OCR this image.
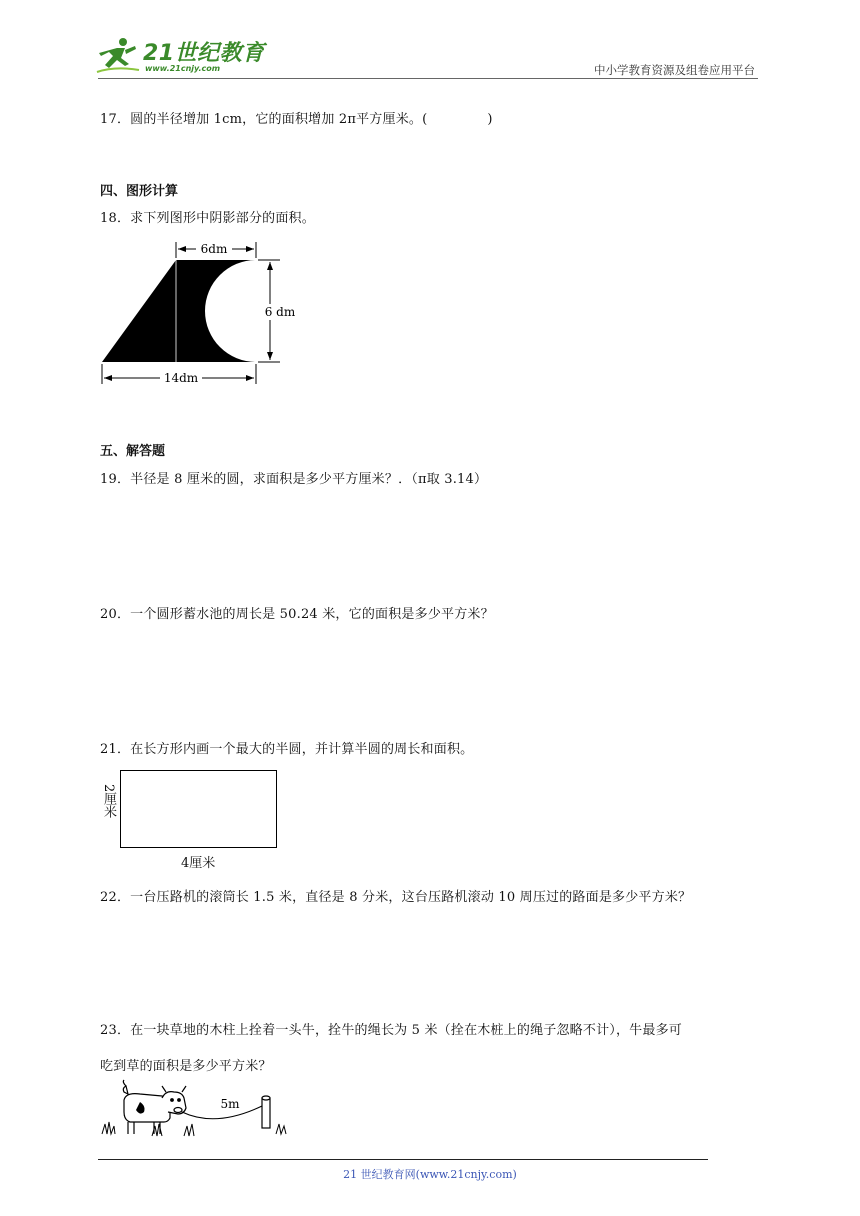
21世纪教育
www.21cnjy.com	中小学教育资源及组卷应用平台
17．圆的半径增加 1cm，它的面积增加 2π平方厘米。(	)
四、图形计算
18．求下列图形中阴影部分的面积。
6dm
6 dm
14dm
五、解答题
19．半径是 8 厘米的圆，求面积是多少平方厘米？．（π取 3.14）
20．一个圆形蓄水池的周长是 50.24 米，它的面积是多少平方米？
21．在长方形内画一个最大的半圆，并计算半圆的周长和面积。
2厘米
4厘米
22．一台压路机的滚筒长 1.5 米，直径是 8 分米，这台压路机滚动 10 周压过的路面是多少平方米？
23．在一块草地的木柱上拴着一头牛，拴牛的绳长为 5 米（拴在木桩上的绳子忽略不计），牛最多可
吃到草的面积是多少平方米？
5m
21 世纪教育网(www.21cnjy.com)
